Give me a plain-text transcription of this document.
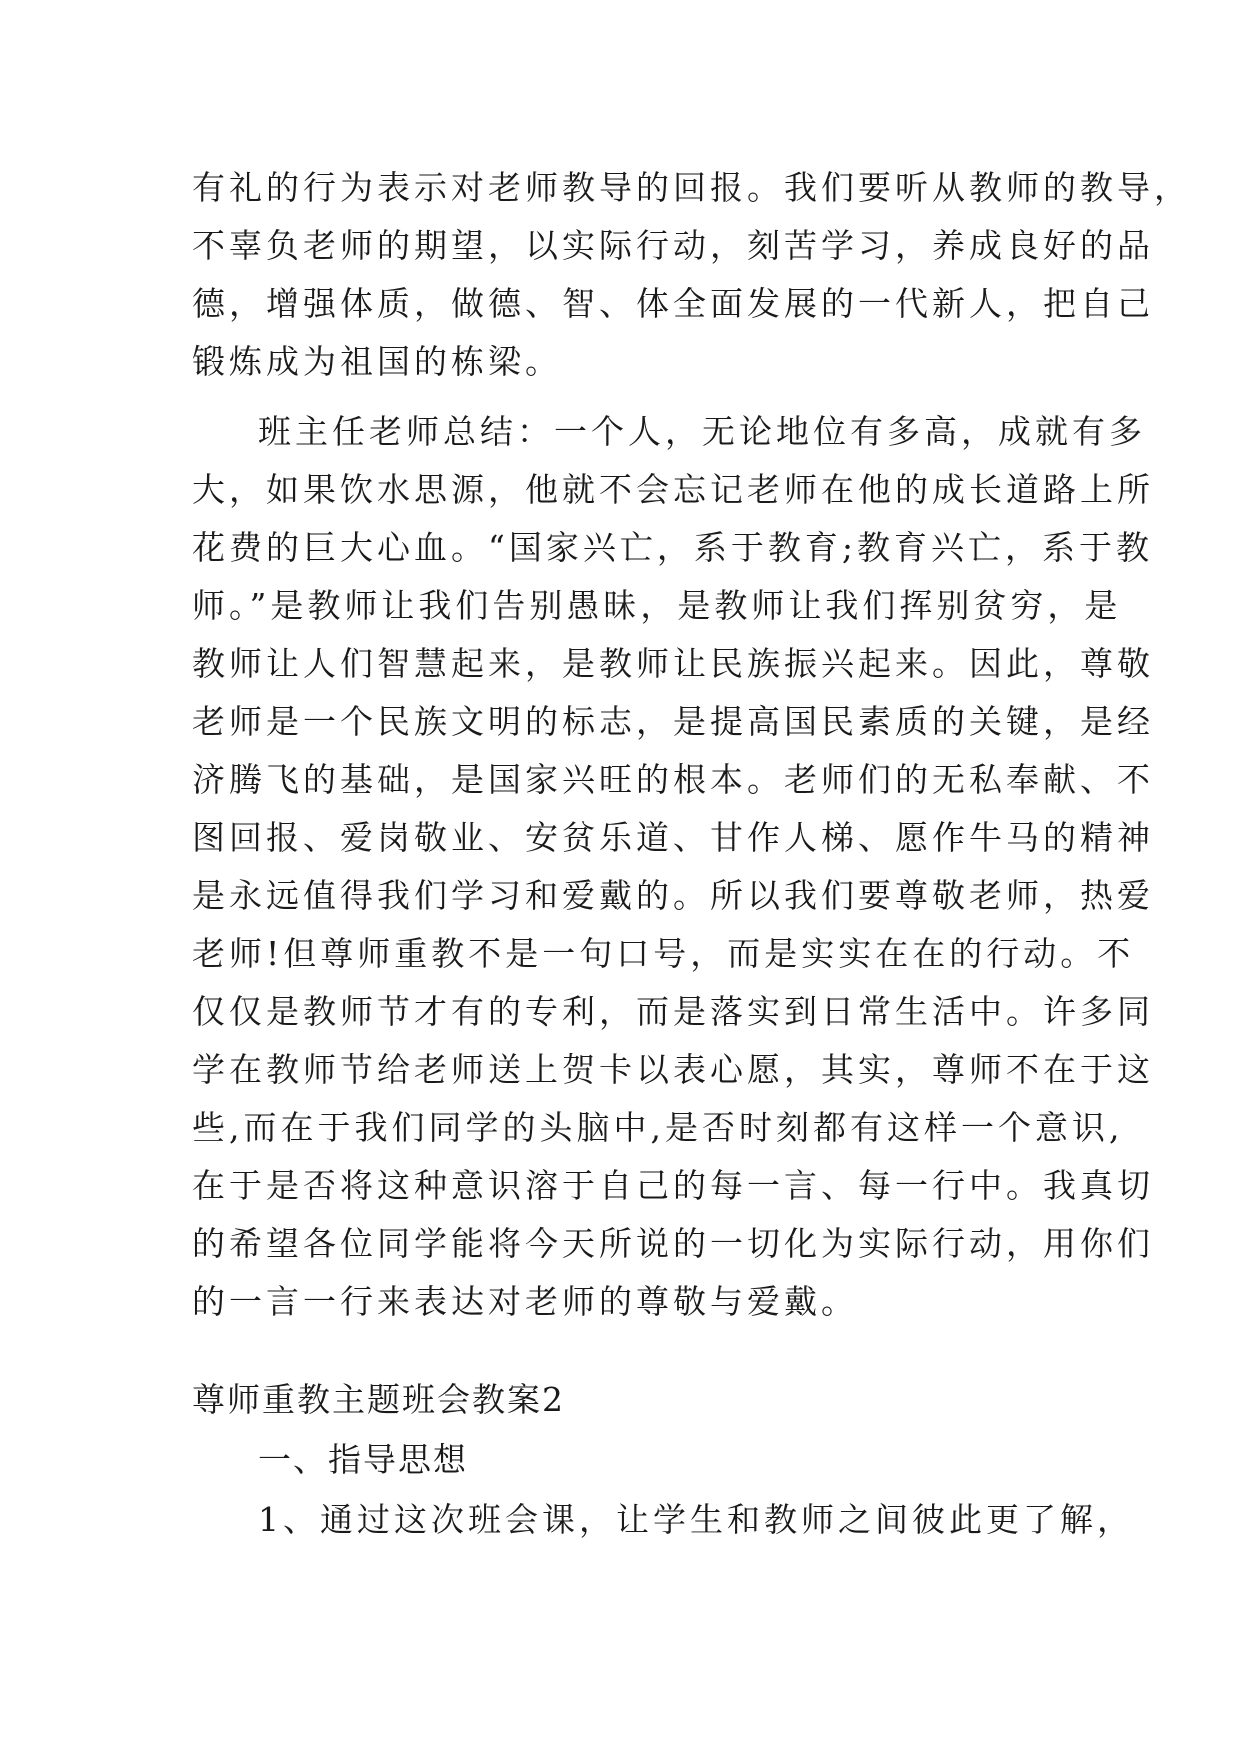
有礼的行为表示对老师教导的回报。我们要听从教师的教导，
不辜负老师的期望，以实际行动，刻苦学习，养成良好的品
德，增强体质，做德、智、体全面发展的一代新人，把自己
锻炼成为祖国的栋梁。
班主任老师总结：一个人，无论地位有多高，成就有多
大，如果饮水思源，他就不会忘记老师在他的成长道路上所
花费的巨大心血。“国家兴亡，系于教育;教育兴亡，系于教
师。”是教师让我们告别愚昧，是教师让我们挥别贫穷，是
教师让人们智慧起来，是教师让民族振兴起来。因此，尊敬
老师是一个民族文明的标志，是提高国民素质的关键，是经
济腾飞的基础，是国家兴旺的根本。老师们的无私奉献、不
图回报、爱岗敬业、安贫乐道、甘作人梯、愿作牛马的精神
是永远值得我们学习和爱戴的。所以我们要尊敬老师，热爱
老师!但尊师重教不是一句口号，而是实实在在的行动。不
仅仅是教师节才有的专利，而是落实到日常生活中。许多同
学在教师节给老师送上贺卡以表心愿，其实，尊师不在于这
些,而在于我们同学的头脑中,是否时刻都有这样一个意识,
在于是否将这种意识溶于自己的每一言、每一行中。我真切
的希望各位同学能将今天所说的一切化为实际行动，用你们
的一言一行来表达对老师的尊敬与爱戴。
尊师重教主题班会教案2
一、指导思想
1、通过这次班会课，让学生和教师之间彼此更了解，
